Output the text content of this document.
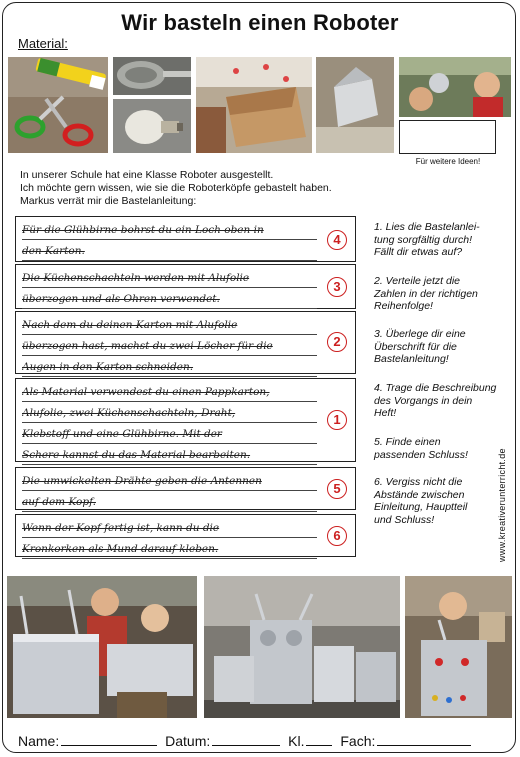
Wir basteln einen Roboter
Material:
Für weitere Ideen!
In unserer Schule hat eine Klasse Roboter ausgestellt.
Ich möchte gern wissen, wie sie die Roboterköpfe gebastelt haben.
Markus verrät mir die Bastelanleitung:
Für die Glühbirne bohrst du ein Loch oben in
den Karton.
4
Die Küchenschachteln werden mit Alufolie
überzogen und als Ohren verwendet.
3
Nach dem du deinen Karton mit Alufolie
überzogen hast, machst du zwei Löcher für die
Augen in den Karton schneiden.
2
Als Material verwendest du einen Pappkarton,
Alufolie, zwei Küchenschachteln, Draht,
Klebstoff und eine Glühbirne. Mit der
Schere kannst du das Material bearbeiten.
1
Die umwickelten Drähte geben die Antennen
auf dem Kopf.
5
Wenn der Kopf fertig ist, kann du die
Kronkorken als Mund darauf kleben.
6
1. Lies die Bastelanlei-
tung sorgfältig durch!
Fällt dir etwas auf?
2. Verteile jetzt die
Zahlen in der richtigen
Reihenfolge!
3. Überlege dir eine
Überschrift für die
Bastelanleitung!
4. Trage die Beschreibung
des Vorgangs in dein
Heft!
5. Finde einen
passenden Schluss!
6. Vergiss nicht die
Abstände zwischen
Einleitung, Hauptteil
und Schluss!	www.kreativerunterricht.de
Name:	Datum:	Kl.	Fach:
